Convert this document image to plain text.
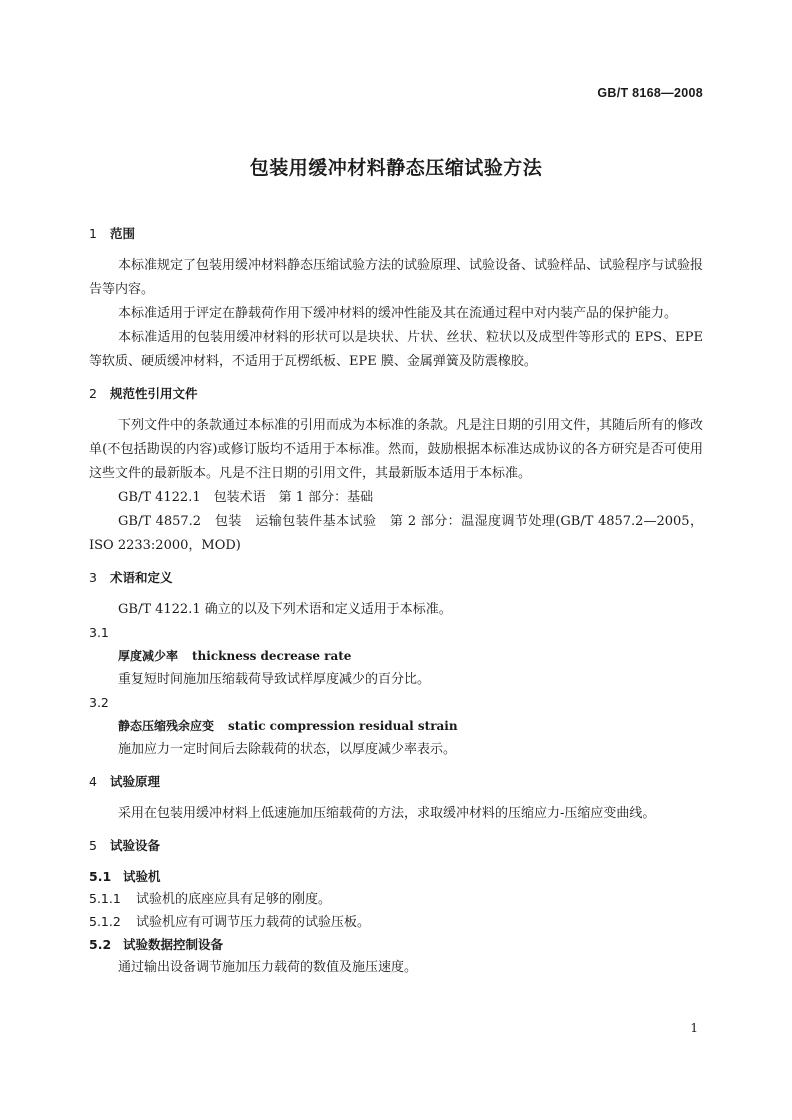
GB/T 8168—2008
包装用缓冲材料静态压缩试验方法
1 范围

本标准规定了包装用缓冲材料静态压缩试验方法的试验原理、试验设备、试验样品、试验程序与试验报告等内容。

本标准适用于评定在静载荷作用下缓冲材料的缓冲性能及其在流通过程中对内装产品的保护能力。

本标准适用的包装用缓冲材料的形状可以是块状、片状、丝状、粒状以及成型件等形式的 EPS、EPE 等软质、硬质缓冲材料，不适用于瓦楞纸板、EPE 膜、金属弹簧及防震橡胶。

2 规范性引用文件

下列文件中的条款通过本标准的引用而成为本标准的条款。凡是注日期的引用文件，其随后所有的修改单(不包括勘误的内容)或修订版均不适用于本标准。然而，鼓励根据本标准达成协议的各方研究是否可使用这些文件的最新版本。凡是不注日期的引用文件，其最新版本适用于本标准。

GB/T 4122.1　包装术语　第 1 部分：基础

GB/T 4857.2　包装　运输包装件基本试验　第 2 部分：温湿度调节处理(GB/T 4857.2—2005，ISO 2233:2000，MOD)

3 术语和定义

GB/T 4122.1 确立的以及下列术语和定义适用于本标准。

3.1
厚度减少率 thickness decrease rate

重复短时间施加压缩载荷导致试样厚度减少的百分比。

3.2
静态压缩残余应变 static compression residual strain

施加应力一定时间后去除载荷的状态，以厚度减少率表示。

4 试验原理

采用在包装用缓冲材料上低速施加压缩载荷的方法，求取缓冲材料的压缩应力-压缩应变曲线。

5 试验设备
5.1 试验机
5.1.1 试验机的底座应具有足够的刚度。
5.1.2 试验机应有可调节压力载荷的试验压板。
5.2 试验数据控制设备

通过输出设备调节施加压力载荷的数值及施压速度。

1
